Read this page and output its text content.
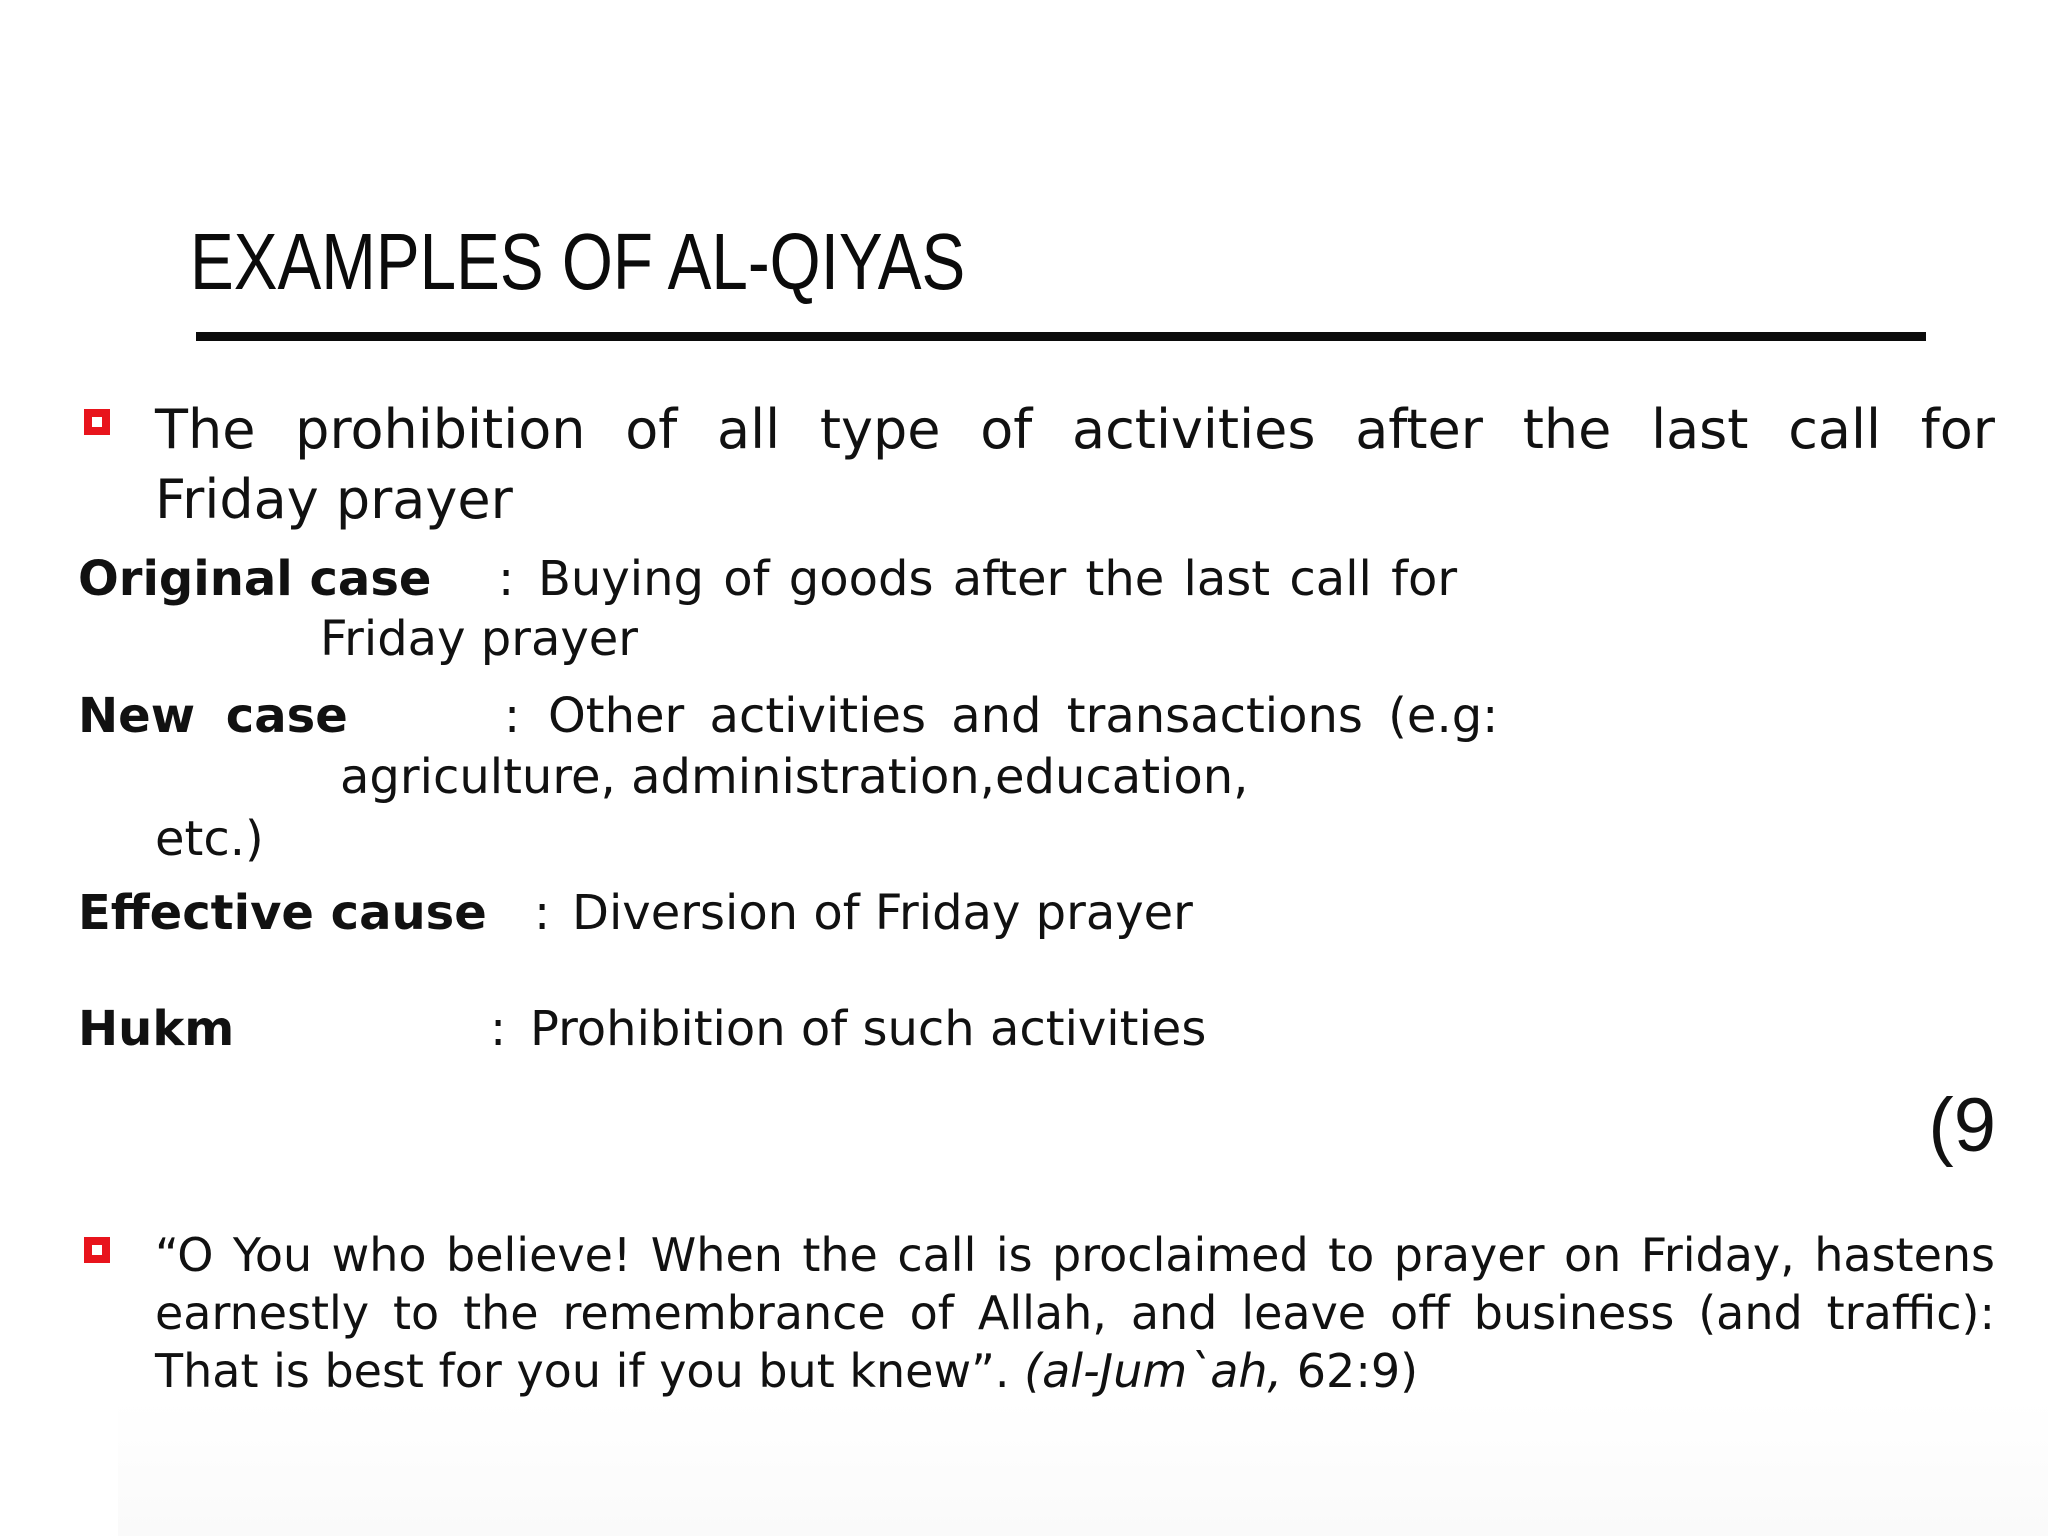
EXAMPLES OF AL-QIYAS

The prohibition of all type of activities after the last call for
Friday prayer

Original case : Buying of goods after the last call for
Friday prayer
New case	: Other activities and transactions (e.g:
agriculture, administration,education,
etc.)
Effective cause : Diversion of Friday prayer
Hukm	: Prohibition of such activities
(9

“O You who believe! When the call is proclaimed to prayer on Friday, hastens earnestly to the remembrance of Allah, and leave off business (and traffic): That is best for you if you but knew”. (al-Jum`ah, 62:9)
